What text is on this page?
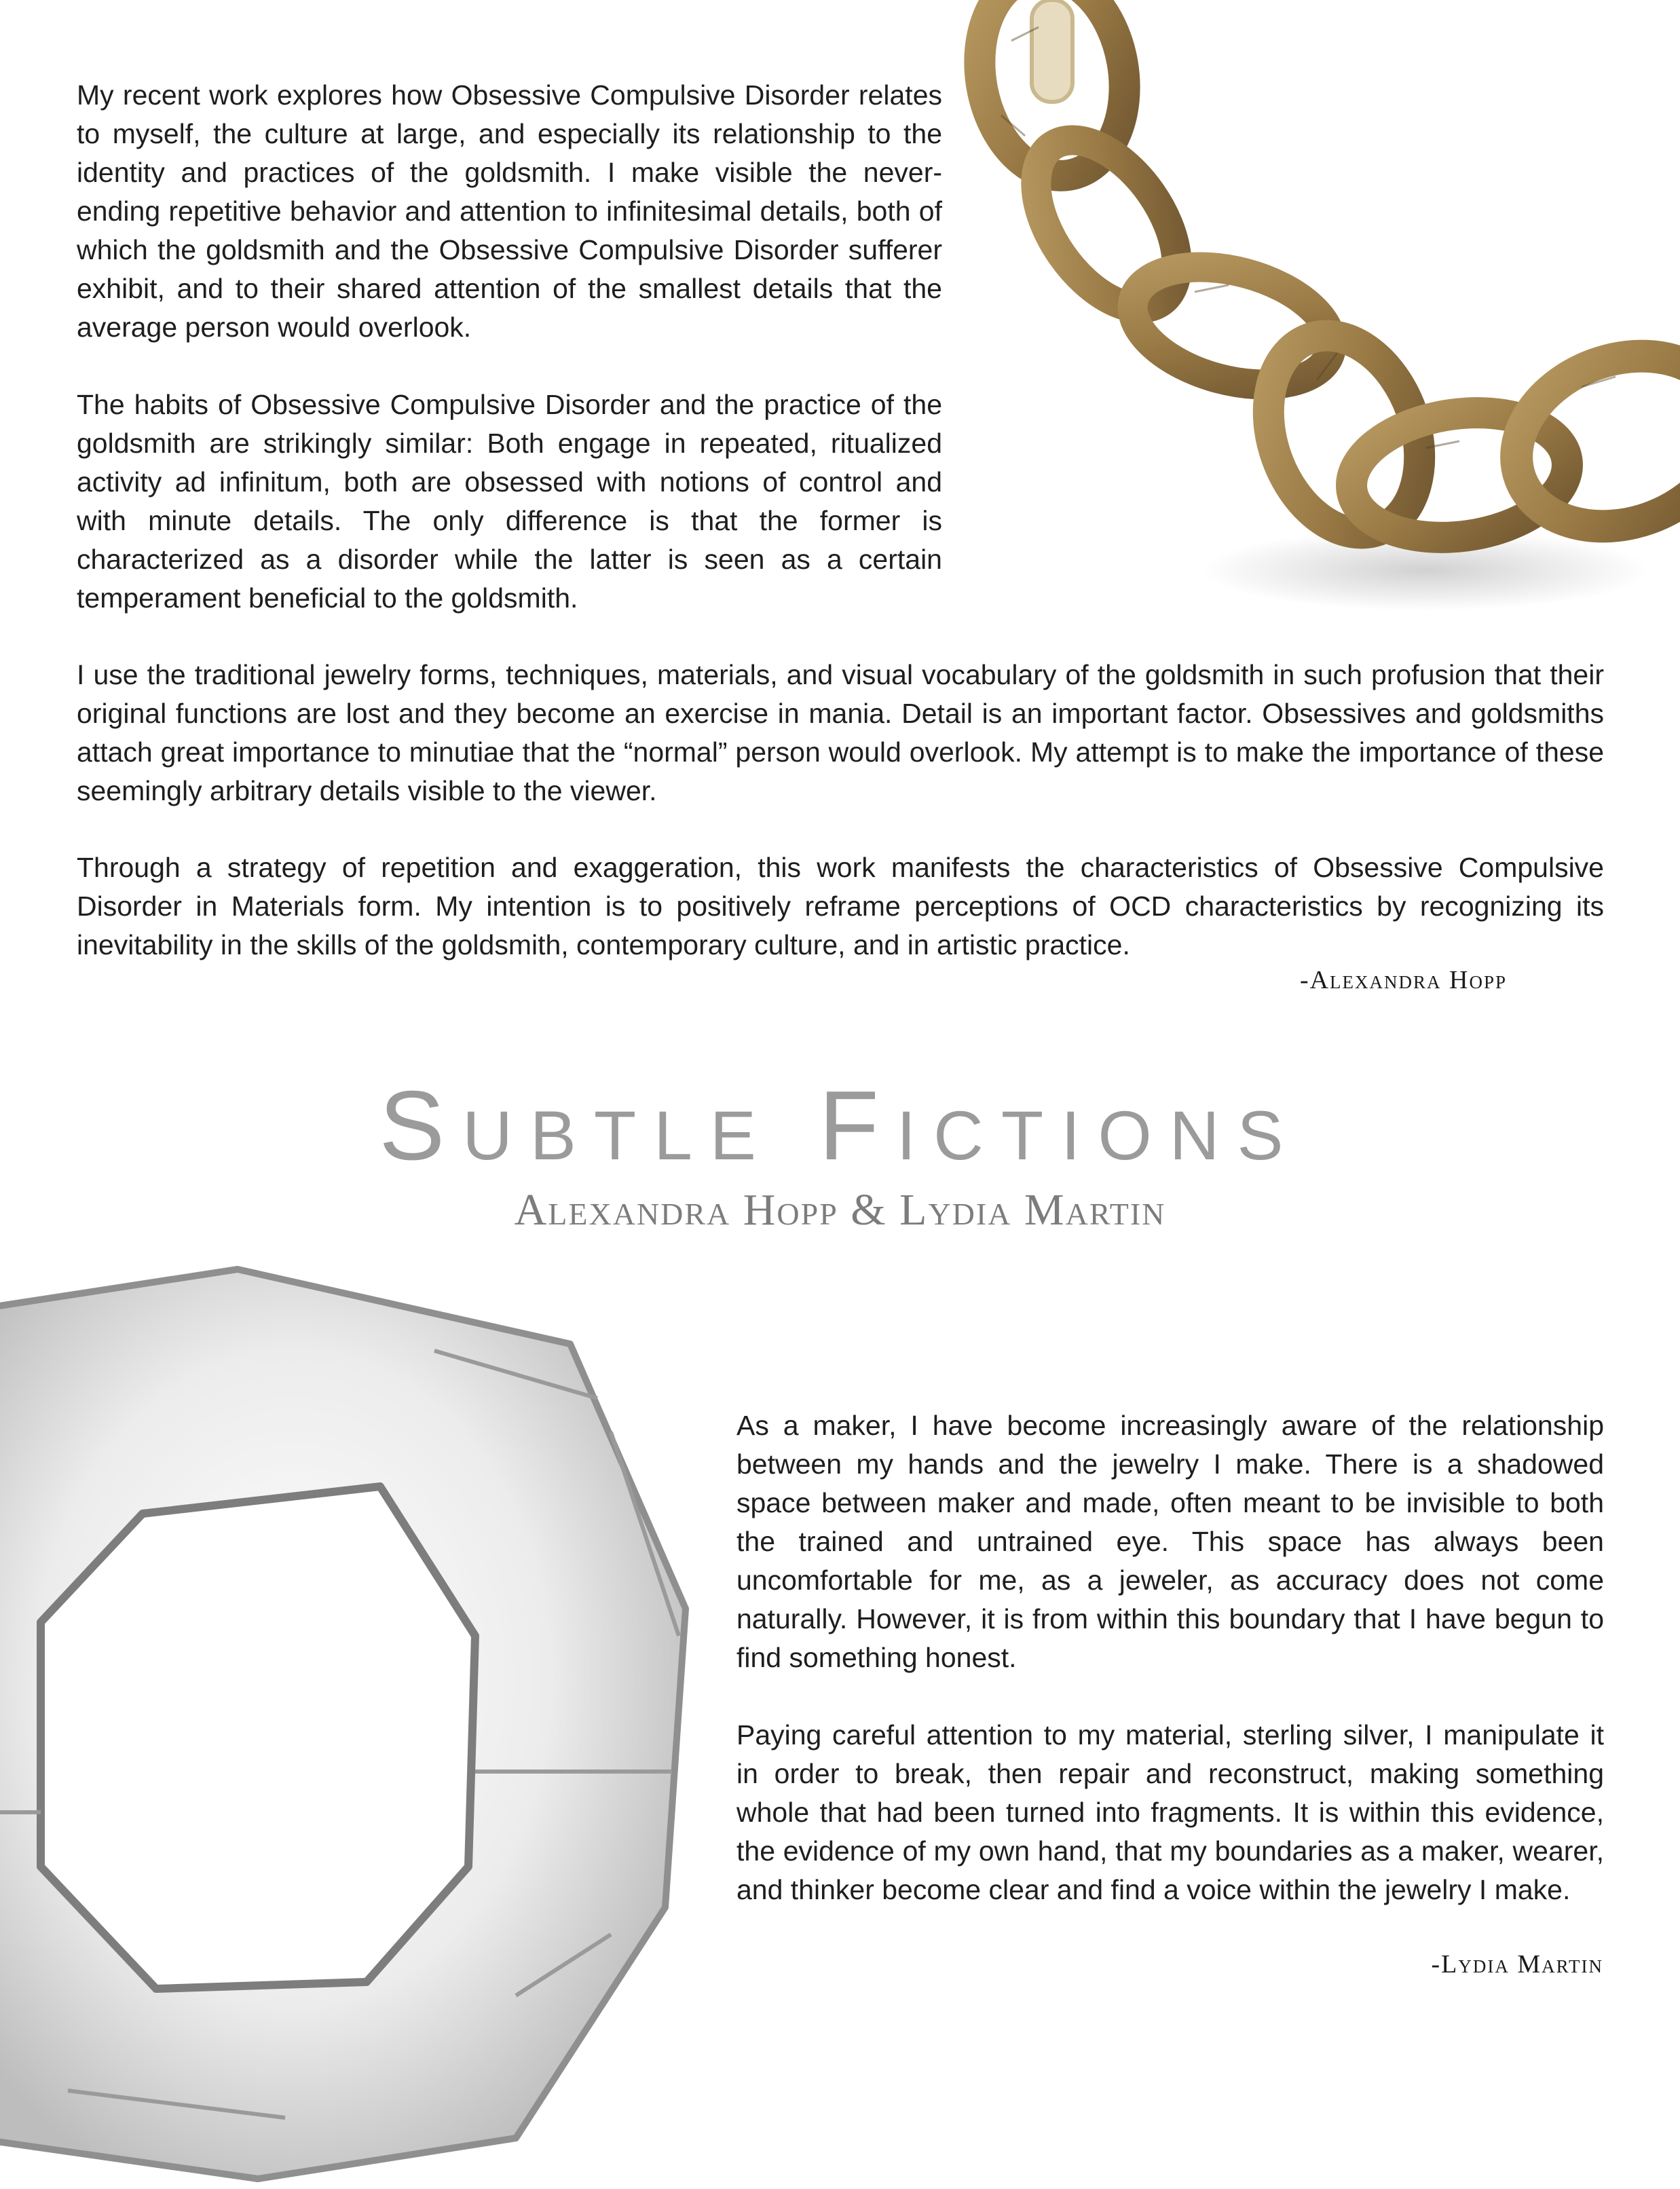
My recent work explores how Obsessive Compulsive Disorder relates to myself, the culture at large, and especially its relationship to the identity and practices of the goldsmith. I make visible the never-ending repetitive behavior and attention to infinitesimal details, both of which the goldsmith and the Obsessive Compulsive Disorder sufferer exhibit, and to their shared attention of the smallest details that the average person would overlook.

The habits of Obsessive Compulsive Disorder and the practice of the goldsmith are strikingly similar: Both engage in repeated, ritualized activity ad infinitum, both are obsessed with notions of control and with minute details. The only difference is that the former is characterized as a disorder while the latter is seen as a certain temperament beneficial to the goldsmith.

I use the traditional jewelry forms, techniques, materials, and visual vocabulary of the goldsmith in such profusion that their original functions are lost and they become an exercise in mania. Detail is an important factor. Obsessives and goldsmiths attach great importance to minutiae that the “normal” person would overlook. My attempt is to make the importance of these seemingly arbitrary details visible to the viewer.

Through a strategy of repetition and exaggeration, this work manifests the characteristics of Obsessive Compulsive Disorder in Materials form. My intention is to positively reframe perceptions of OCD characteristics by recognizing its inevitability in the skills of the goldsmith, contemporary culture, and in artistic practice.

-Alexandra Hopp

Subtle Fictions
Alexandra Hopp & Lydia Martin

As a maker, I have become increasingly aware of the relationship between my hands and the jewelry I make. There is a shadowed space between maker and made, often meant to be invisible to both the trained and untrained eye. This space has always been uncomfortable for me, as a jeweler, as accuracy does not come naturally. However, it is from within this boundary that I have begun to find something honest.

Paying careful attention to my material, sterling silver, I manipulate it in order to break, then repair and reconstruct, making something whole that had been turned into fragments. It is within this evidence, the evidence of my own hand, that my boundaries as a maker, wearer, and thinker become clear and find a voice within the jewelry I make.

-Lydia Martin
